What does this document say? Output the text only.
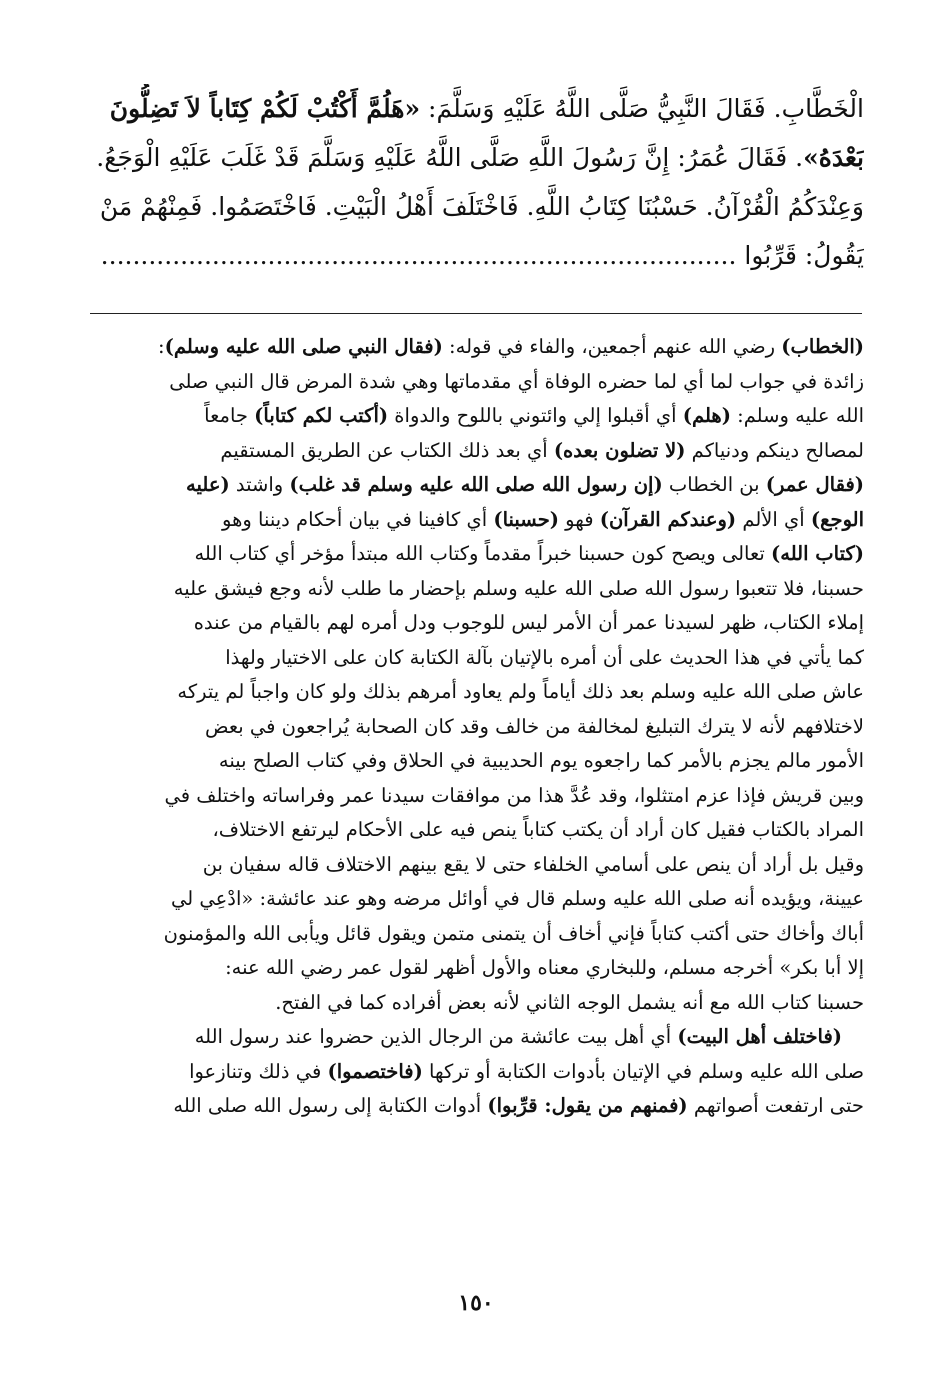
الْخَطَّابِ. فَقَالَ النَّبِيُّ صَلَّى اللَّهُ عَلَيْهِ وَسَلَّمَ: «هَلُمَّ أَكْتُبْ لَكُمْ كِتَاباً لاَ تَضِلُّونَ
بَعْدَهُ». فَقَالَ عُمَرُ: إِنَّ رَسُولَ اللَّهِ صَلَّى اللَّهُ عَلَيْهِ وَسَلَّمَ قَدْ غَلَبَ عَلَيْهِ الْوَجَعُ.
وَعِنْدَكُمُ الْقُرْآنُ. حَسْبُنَا كِتَابُ اللَّهِ. فَاخْتَلَفَ أَهْلُ الْبَيْتِ. فَاخْتَصَمُوا. فَمِنْهُمْ مَنْ
يَقُولُ: قَرِّبُوا ................................................................................
(الخطاب) رضي الله عنهم أجمعين، والفاء في قوله: (فقال النبي صلى الله عليه وسلم):
زائدة في جواب لما أي لما حضره الوفاة أي مقدماتها وهي شدة المرض قال النبي صلى
الله عليه وسلم: (هلم) أي أقبلوا إلي وائتوني باللوح والدواة (أكتب لكم كتاباً) جامعاً
لمصالح دينكم ودنياكم (لا تضلون بعده) أي بعد ذلك الكتاب عن الطريق المستقيم
(فقال عمر) بن الخطاب (إن رسول الله صلى الله عليه وسلم قد غلب) واشتد (عليه
الوجع) أي الألم (وعندكم القرآن) فهو (حسبنا) أي كافينا في بيان أحكام ديننا وهو
(كتاب الله) تعالى ويصح كون حسبنا خبراً مقدماً وكتاب الله مبتدأ مؤخر أي كتاب الله
حسبنا، فلا تتعبوا رسول الله صلى الله عليه وسلم بإحضار ما طلب لأنه وجع فيشق عليه
إملاء الكتاب، ظهر لسيدنا عمر أن الأمر ليس للوجوب ودل أمره لهم بالقيام من عنده
كما يأتي في هذا الحديث على أن أمره بالإتيان بآلة الكتابة كان على الاختيار ولهذا
عاش صلى الله عليه وسلم بعد ذلك أياماً ولم يعاود أمرهم بذلك ولو كان واجباً لم يتركه
لاختلافهم لأنه لا يترك التبليغ لمخالفة من خالف وقد كان الصحابة يُراجعون في بعض
الأمور مالم يجزم بالأمر كما راجعوه يوم الحديبية في الحلاق وفي كتاب الصلح بينه
وبين قريش فإذا عزم امتثلوا، وقد عُدَّ هذا من موافقات سيدنا عمر وفراساته واختلف في
المراد بالكتاب فقيل كان أراد أن يكتب كتاباً ينص فيه على الأحكام ليرتفع الاختلاف،
وقيل بل أراد أن ينص على أسامي الخلفاء حتى لا يقع بينهم الاختلاف قاله سفيان بن
عيينة، ويؤيده أنه صلى الله عليه وسلم قال في أوائل مرضه وهو عند عائشة: «ادْعِي لي
أباك وأخاك حتى أكتب كتاباً فإني أخاف أن يتمنى متمن ويقول قائل ويأبى الله والمؤمنون
إلا أبا بكر» أخرجه مسلم، وللبخاري معناه والأول أظهر لقول عمر رضي الله عنه:
حسبنا كتاب الله مع أنه يشمل الوجه الثاني لأنه بعض أفراده كما في الفتح.
(فاختلف أهل البيت) أي أهل بيت عائشة من الرجال الذين حضروا عند رسول الله
صلى الله عليه وسلم في الإتيان بأدوات الكتابة أو تركها (فاختصموا) في ذلك وتنازعوا
حتى ارتفعت أصواتهم (فمنهم من يقول: قرِّبوا) أدوات الكتابة إلى رسول الله صلى الله
١٥٠
